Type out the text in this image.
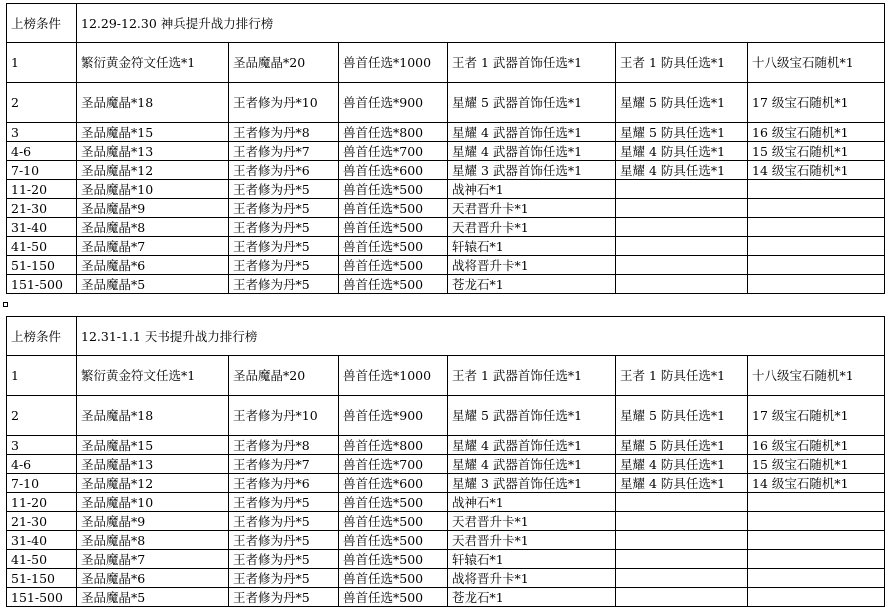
上榜条件	12.29-12.30 神兵提升战力排行榜					
1	繁衍黄金符文任选*1	圣品魔晶*20	兽首任选*1000	王者 1 武器首饰任选*1	王者 1 防具任选*1	十八级宝石随机*1
2	圣品魔晶*18	王者修为丹*10	兽首任选*900	星耀 5 武器首饰任选*1	星耀 5 防具任选*1	17 级宝石随机*1
3	圣品魔晶*15	王者修为丹*8	兽首任选*800	星耀 4 武器首饰任选*1	星耀 5 防具任选*1	16 级宝石随机*1
4-6	圣品魔晶*13	王者修为丹*7	兽首任选*700	星耀 4 武器首饰任选*1	星耀 4 防具任选*1	15 级宝石随机*1
7-10	圣品魔晶*12	王者修为丹*6	兽首任选*600	星耀 3 武器首饰任选*1	星耀 4 防具任选*1	14 级宝石随机*1
11-20	圣品魔晶*10	王者修为丹*5	兽首任选*500	战神石*1		
21-30	圣品魔晶*9	王者修为丹*5	兽首任选*500	天君晋升卡*1		
31-40	圣品魔晶*8	王者修为丹*5	兽首任选*500	天君晋升卡*1		
41-50	圣品魔晶*7	王者修为丹*5	兽首任选*500	轩辕石*1		
51-150	圣品魔晶*6	王者修为丹*5	兽首任选*500	战将晋升卡*1		
151-500	圣品魔晶*5	王者修为丹*5	兽首任选*500	苍龙石*1		
上榜条件	12.31-1.1 天书提升战力排行榜					
1	繁衍黄金符文任选*1	圣品魔晶*20	兽首任选*1000	王者 1 武器首饰任选*1	王者 1 防具任选*1	十八级宝石随机*1
2	圣品魔晶*18	王者修为丹*10	兽首任选*900	星耀 5 武器首饰任选*1	星耀 5 防具任选*1	17 级宝石随机*1
3	圣品魔晶*15	王者修为丹*8	兽首任选*800	星耀 4 武器首饰任选*1	星耀 5 防具任选*1	16 级宝石随机*1
4-6	圣品魔晶*13	王者修为丹*7	兽首任选*700	星耀 4 武器首饰任选*1	星耀 4 防具任选*1	15 级宝石随机*1
7-10	圣品魔晶*12	王者修为丹*6	兽首任选*600	星耀 3 武器首饰任选*1	星耀 4 防具任选*1	14 级宝石随机*1
11-20	圣品魔晶*10	王者修为丹*5	兽首任选*500	战神石*1		
21-30	圣品魔晶*9	王者修为丹*5	兽首任选*500	天君晋升卡*1		
31-40	圣品魔晶*8	王者修为丹*5	兽首任选*500	天君晋升卡*1		
41-50	圣品魔晶*7	王者修为丹*5	兽首任选*500	轩辕石*1		
51-150	圣品魔晶*6	王者修为丹*5	兽首任选*500	战将晋升卡*1		
151-500	圣品魔晶*5	王者修为丹*5	兽首任选*500	苍龙石*1		
